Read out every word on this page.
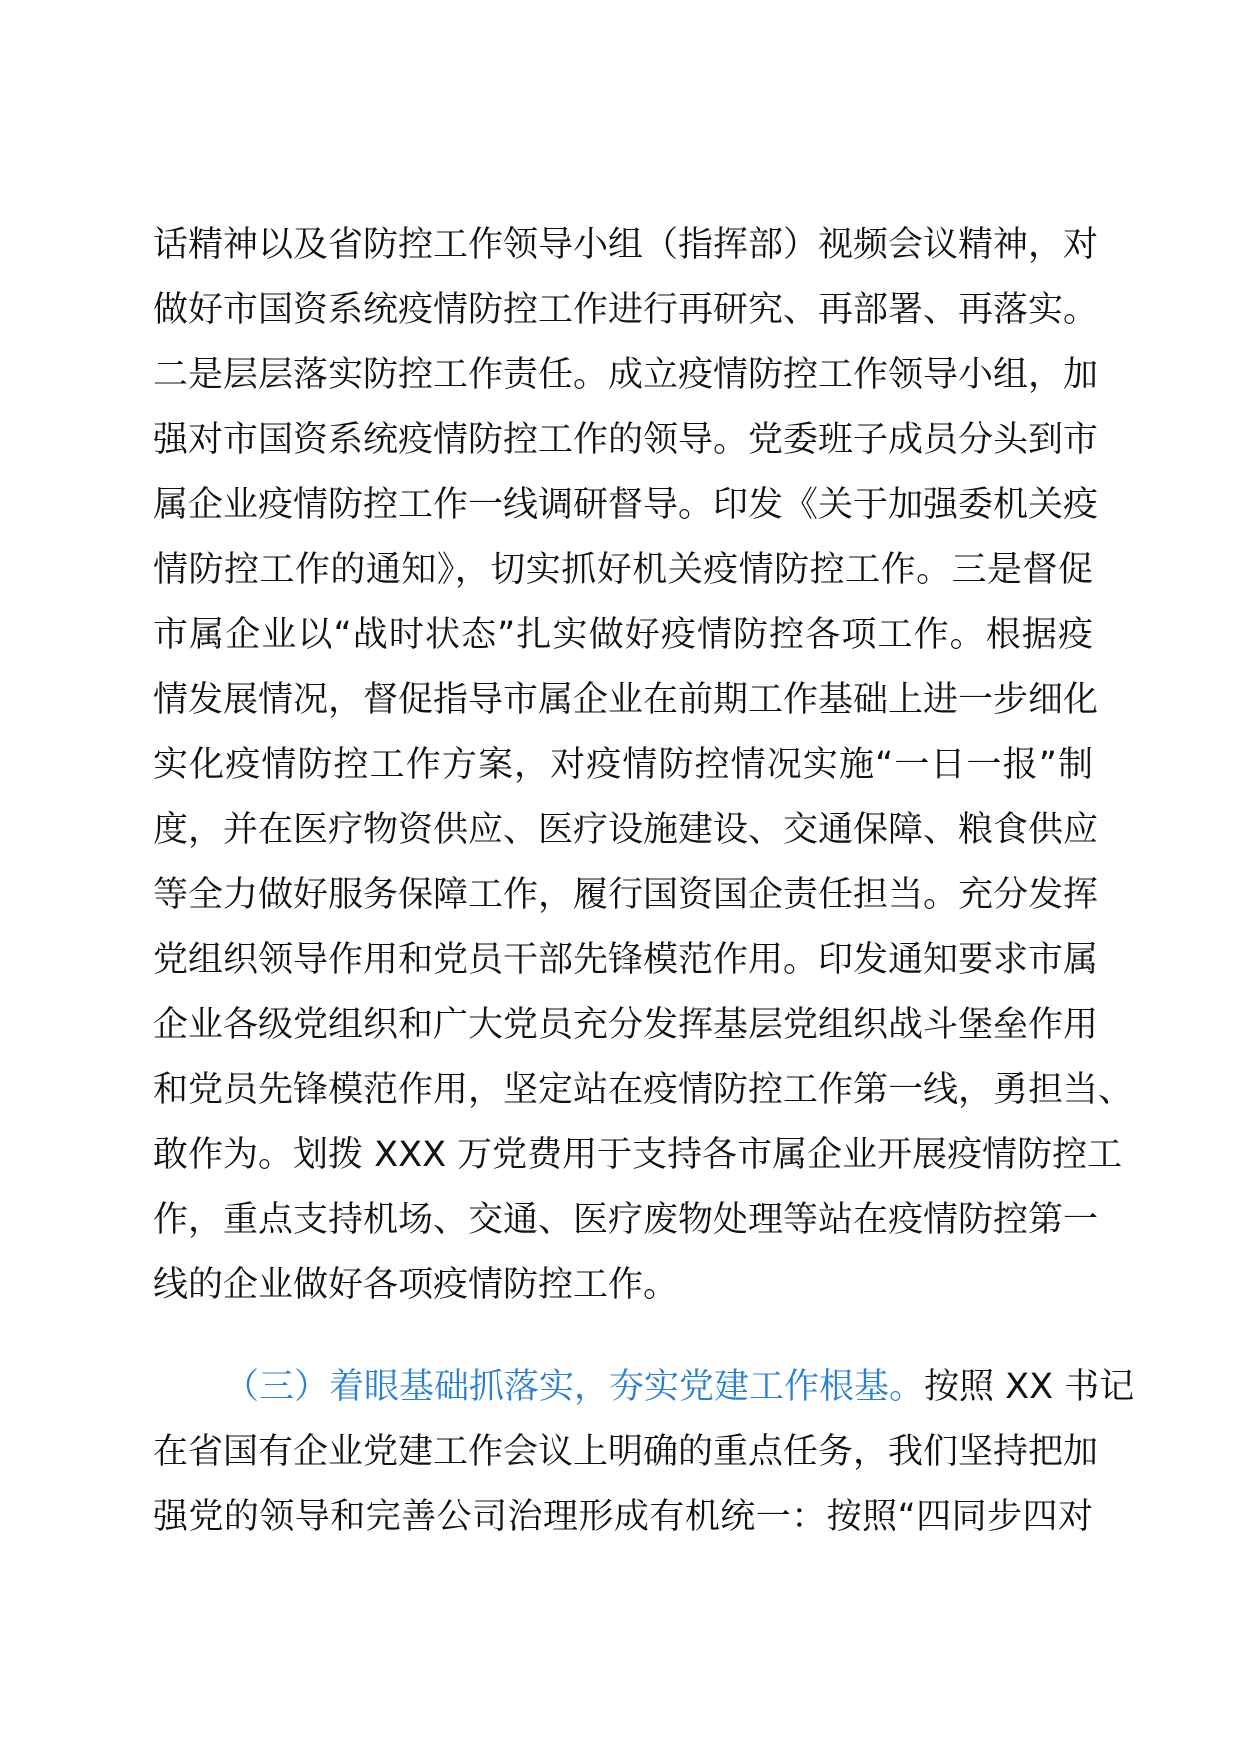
话精神以及省防控工作领导小组（指挥部）视频会议精神，对
做好市国资系统疫情防控工作进行再研究、再部署、再落实。
二是层层落实防控工作责任。成立疫情防控工作领导小组，加
强对市国资系统疫情防控工作的领导。党委班子成员分头到市
属企业疫情防控工作一线调研督导。印发《关于加强委机关疫
情防控工作的通知》，切实抓好机关疫情防控工作。三是督促
市属企业以“战时状态”扎实做好疫情防控各项工作。根据疫
情发展情况，督促指导市属企业在前期工作基础上进一步细化
实化疫情防控工作方案，对疫情防控情况实施“一日一报”制
度，并在医疗物资供应、医疗设施建设、交通保障、粮食供应
等全力做好服务保障工作，履行国资国企责任担当。充分发挥
党组织领导作用和党员干部先锋模范作用。印发通知要求市属
企业各级党组织和广大党员充分发挥基层党组织战斗堡垒作用
和党员先锋模范作用，坚定站在疫情防控工作第一线，勇担当、
敢作为。划拨 XXX 万党费用于支持各市属企业开展疫情防控工
作，重点支持机场、交通、医疗废物处理等站在疫情防控第一
线的企业做好各项疫情防控工作。
（三）着眼基础抓落实，夯实党建工作根基。按照 XX 书记
在省国有企业党建工作会议上明确的重点任务，我们坚持把加
强党的领导和完善公司治理形成有机统一：按照“四同步四对
